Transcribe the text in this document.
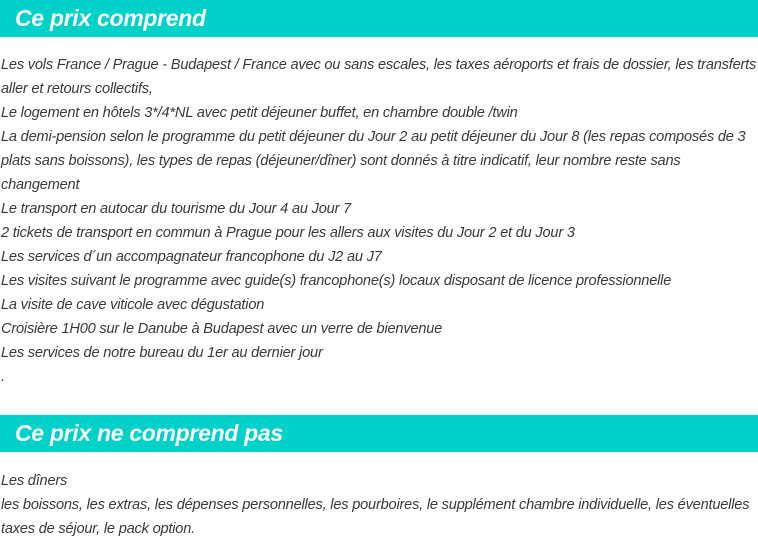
Ce prix comprend

Les vols France / Prague - Budapest / France avec ou sans escales, les taxes aéroports et frais de dossier, les transferts

aller et retours collectifs,

Le logement en hôtels 3*/4*NL avec petit déjeuner buffet, en chambre double /twin

La demi-pension selon le programme du petit déjeuner du Jour 2 au petit déjeuner du Jour 8 (les repas composés de 3

plats sans boissons), les types de repas (déjeuner/dîner) sont donnés à titre indicatif, leur nombre reste sans changement

Le transport en autocar du tourisme du Jour 4 au Jour 7

2 tickets de transport en commun à Prague pour les allers aux visites du Jour 2 et du Jour 3

Les services d´un accompagnateur francophone du J2 au J7

Les visites suivant le programme avec guide(s) francophone(s) locaux disposant de licence professionnelle

La visite de cave viticole avec dégustation

Croisière 1H00 sur le Danube à Budapest avec un verre de bienvenue

Les services de notre bureau du 1er au dernier jour

.

Ce prix ne comprend pas

Les dîners

les boissons, les extras, les dépenses personnelles, les pourboires, le supplément chambre individuelle, les éventuelles

taxes de séjour, le pack option.
